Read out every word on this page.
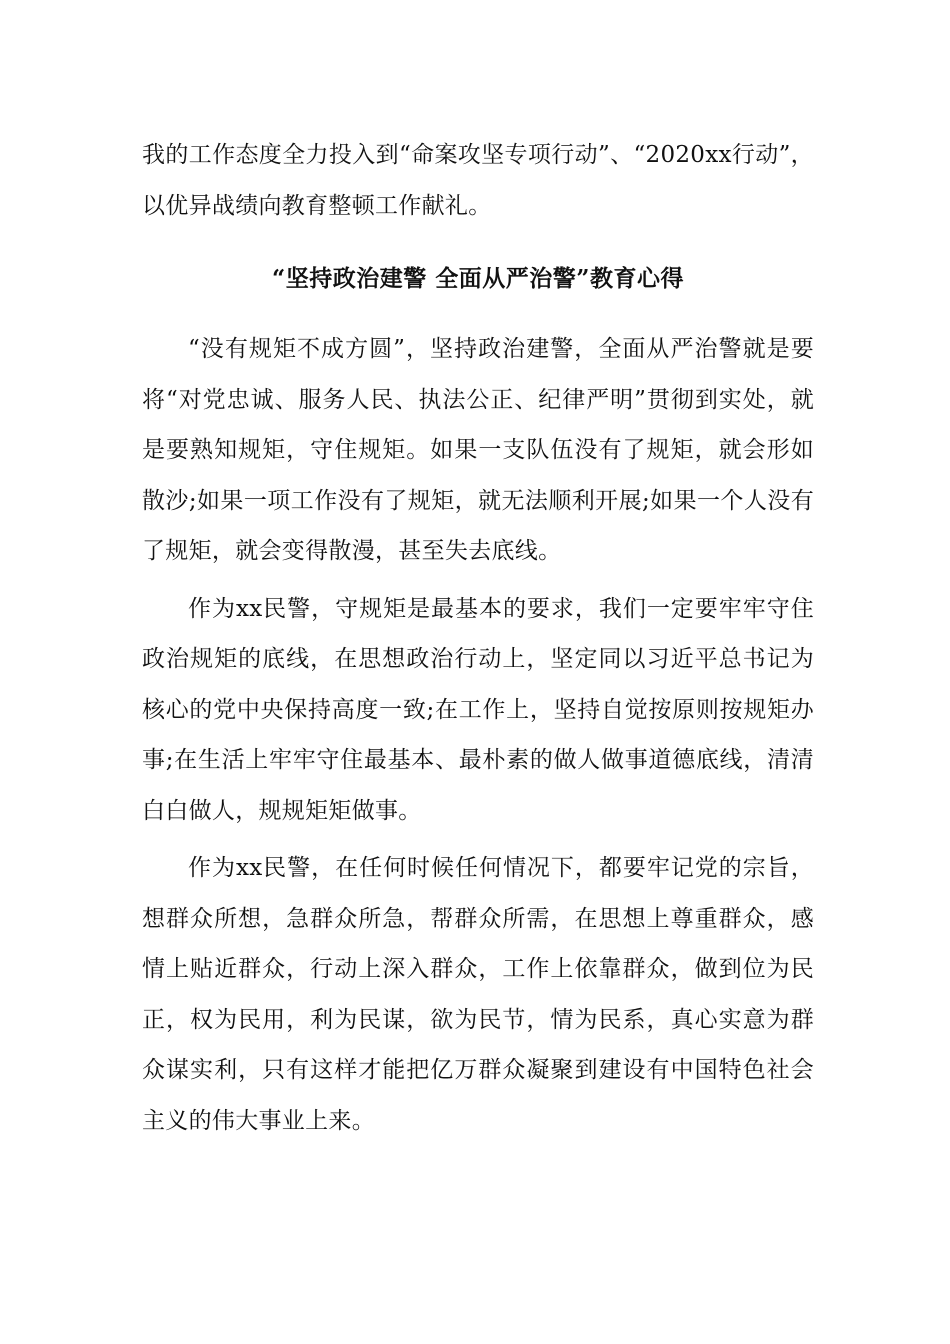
我的工作态度全力投入到“命案攻坚专项行动”、“2020xx行动”，以优异战绩向教育整顿工作献礼。

“坚持政治建警 全面从严治警”教育心得

“没有规矩不成方圆”，坚持政治建警，全面从严治警就是要将“对党忠诚、服务人民、执法公正、纪律严明”贯彻到实处，就是要熟知规矩，守住规矩。如果一支队伍没有了规矩，就会形如散沙;如果一项工作没有了规矩，就无法顺利开展;如果一个人没有了规矩，就会变得散漫，甚至失去底线。

作为xx民警，守规矩是最基本的要求，我们一定要牢牢守住政治规矩的底线，在思想政治行动上，坚定同以习近平总书记为核心的党中央保持高度一致;在工作上，坚持自觉按原则按规矩办事;在生活上牢牢守住最基本、最朴素的做人做事道德底线，清清白白做人，规规矩矩做事。

作为xx民警，在任何时候任何情况下，都要牢记党的宗旨，想群众所想，急群众所急，帮群众所需，在思想上尊重群众，感情上贴近群众，行动上深入群众，工作上依靠群众，做到位为民正，权为民用，利为民谋，欲为民节，情为民系，真心实意为群众谋实利，只有这样才能把亿万群众凝聚到建设有中国特色社会主义的伟大事业上来。
